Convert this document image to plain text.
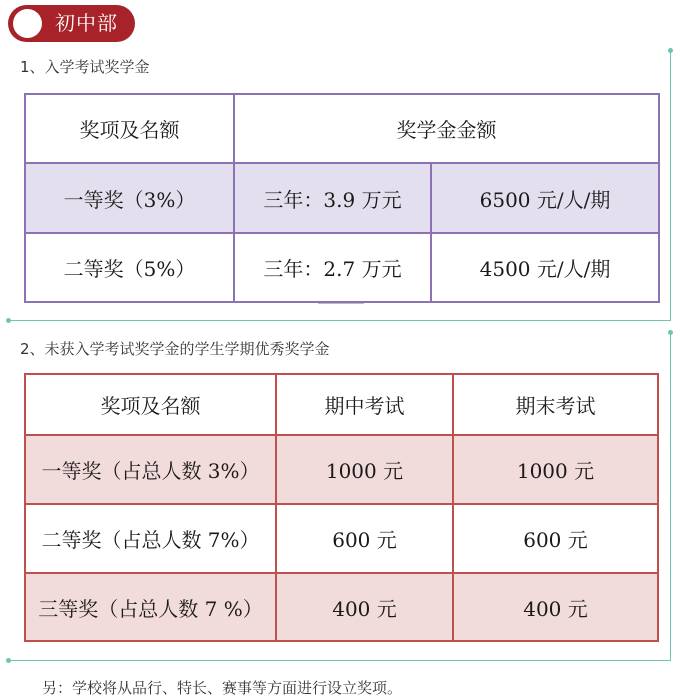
初中部
1、入学考试奖学金
奖项及名额	奖学金金额	
一等奖（3%）	三年：3.9 万元	6500 元/人/期
二等奖（5%）	三年：2.7 万元	4500 元/人/期
2、未获入学考试奖学金的学生学期优秀奖学金
奖项及名额	期中考试	期末考试
一等奖（占总人数 3%）	1000 元	1000 元
二等奖（占总人数 7%）	600 元	600 元
三等奖（占总人数 7 %）	400 元	400 元
另：学校将从品行、特长、赛事等方面进行设立奖项。
